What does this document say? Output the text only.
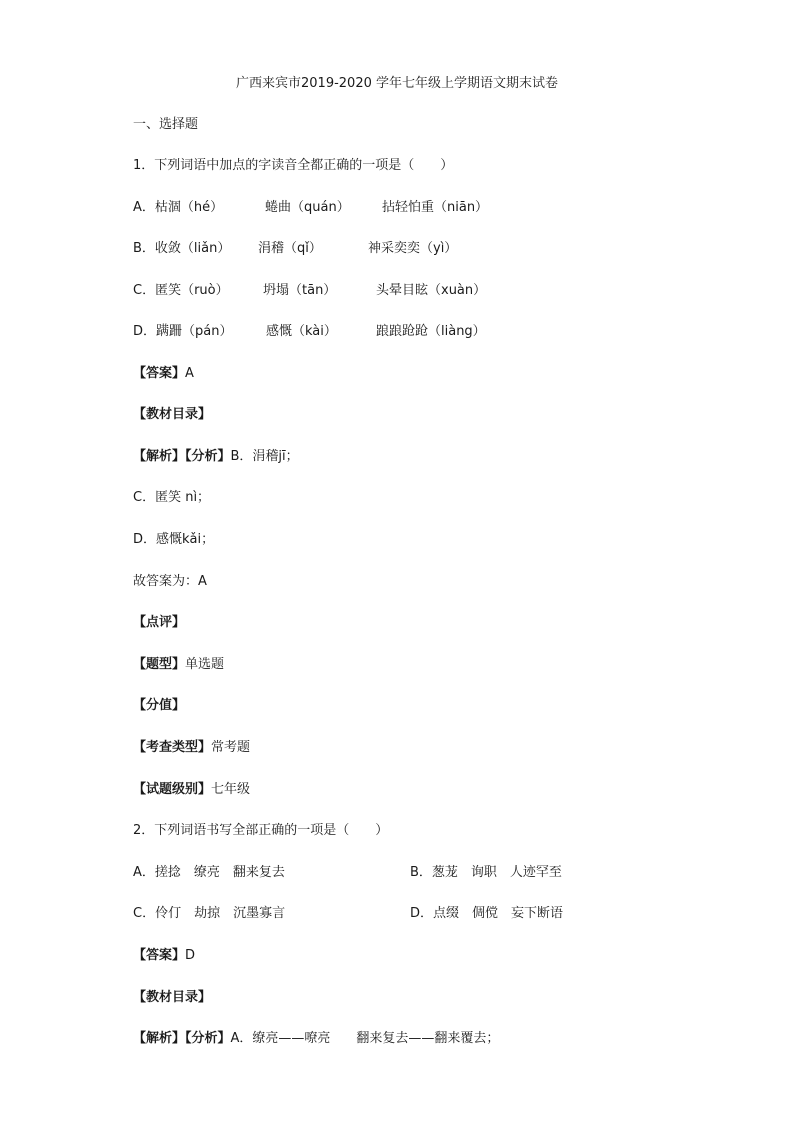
广西来宾市2019-2020 学年七年级上学期语文期末试卷
一、选择题
1．下列词语中加点的字读音全都正确的一项是（　　）
A．枯涸（hé）	蜷曲（quán） 拈轻怕重（niān）
B．收敛（liǎn） 涓稽（qǐ）	神采奕奕（yì）
C．匿笑（ruò）	坍塌（tān）	头晕目眩（xuàn）
D．蹒跚（pán）	感慨（kài）	踉踉跄跄（liàng）
【答案】A
【教材目录】
【解析】【分析】B．涓稽jī；
C．匿笑 nì；
D．感慨kǎi；
故答案为：A
【点评】
【题型】单选题
【分值】
【考查类型】常考题
【试题级别】七年级
2．下列词语书写全部正确的一项是（　　）
A．搓捻　缭亮　翻来复去	B．葱茏　询职　人迹罕至
C．伶仃　劫掠　沉墨寡言	D．点缀　倜傥　妄下断语
【答案】D
【教材目录】
【解析】【分析】A．缭亮——嘹亮　　翻来复去——翻来覆去；
